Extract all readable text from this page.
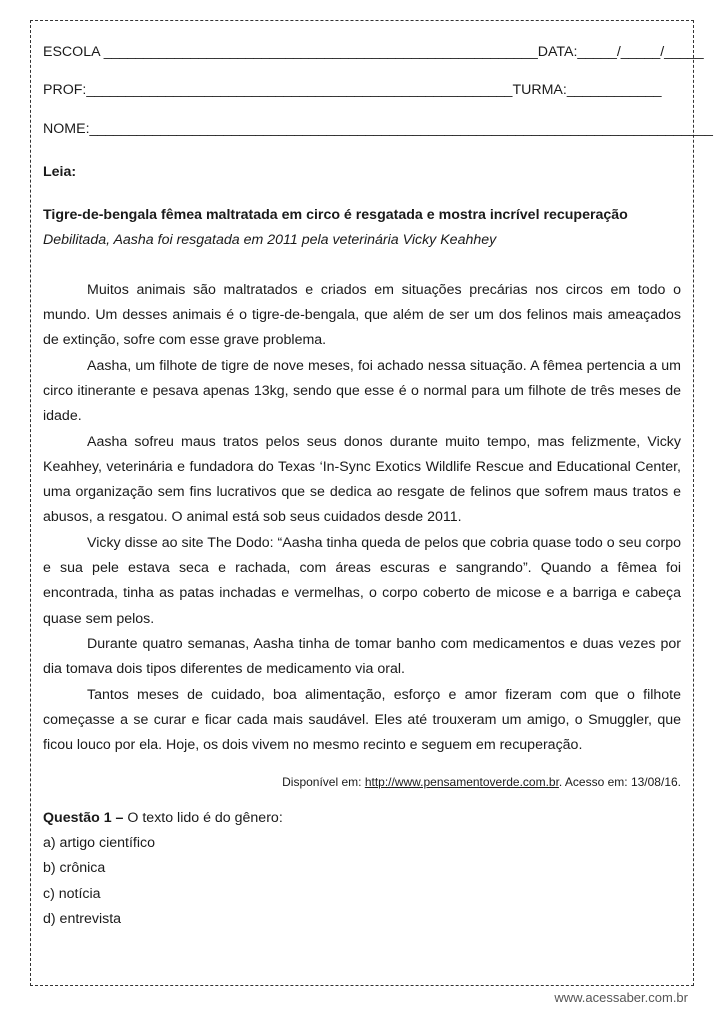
ESCOLA _______________________________________________________DATA:_____/_____/_____
PROF:______________________________________________________TURMA:____________
NOME:_______________________________________________________________________________
Leia:
Tigre-de-bengala fêmea maltratada em circo é resgatada e mostra incrível recuperação
Debilitada, Aasha foi resgatada em 2011 pela veterinária Vicky Keahhey

Muitos animais são maltratados e criados em situações precárias nos circos em todo o mundo. Um desses animais é o tigre-de-bengala, que além de ser um dos felinos mais ameaçados de extinção, sofre com esse grave problema.

Aasha, um filhote de tigre de nove meses, foi achado nessa situação. A fêmea pertencia a um circo itinerante e pesava apenas 13kg, sendo que esse é o normal para um filhote de três meses de idade.

Aasha sofreu maus tratos pelos seus donos durante muito tempo, mas felizmente, Vicky Keahhey, veterinária e fundadora do Texas ‘In-Sync Exotics Wildlife Rescue and Educational Center, uma organização sem fins lucrativos que se dedica ao resgate de felinos que sofrem maus tratos e abusos, a resgatou. O animal está sob seus cuidados desde 2011.

Vicky disse ao site The Dodo: “Aasha tinha queda de pelos que cobria quase todo o seu corpo e sua pele estava seca e rachada, com áreas escuras e sangrando”. Quando a fêmea foi encontrada, tinha as patas inchadas e vermelhas, o corpo coberto de micose e a barriga e cabeça quase sem pelos.

Durante quatro semanas, Aasha tinha de tomar banho com medicamentos e duas vezes por dia tomava dois tipos diferentes de medicamento via oral.

Tantos meses de cuidado, boa alimentação, esforço e amor fizeram com que o filhote começasse a se curar e ficar cada mais saudável. Eles até trouxeram um amigo, o Smuggler, que ficou louco por ela. Hoje, os dois vivem no mesmo recinto e seguem em recuperação.

Disponível em: http://www.pensamentoverde.com.br. Acesso em: 13/08/16.
Questão 1 – O texto lido é do gênero:
a) artigo científico
b) crônica
c) notícia
d) entrevista
www.acessaber.com.br
